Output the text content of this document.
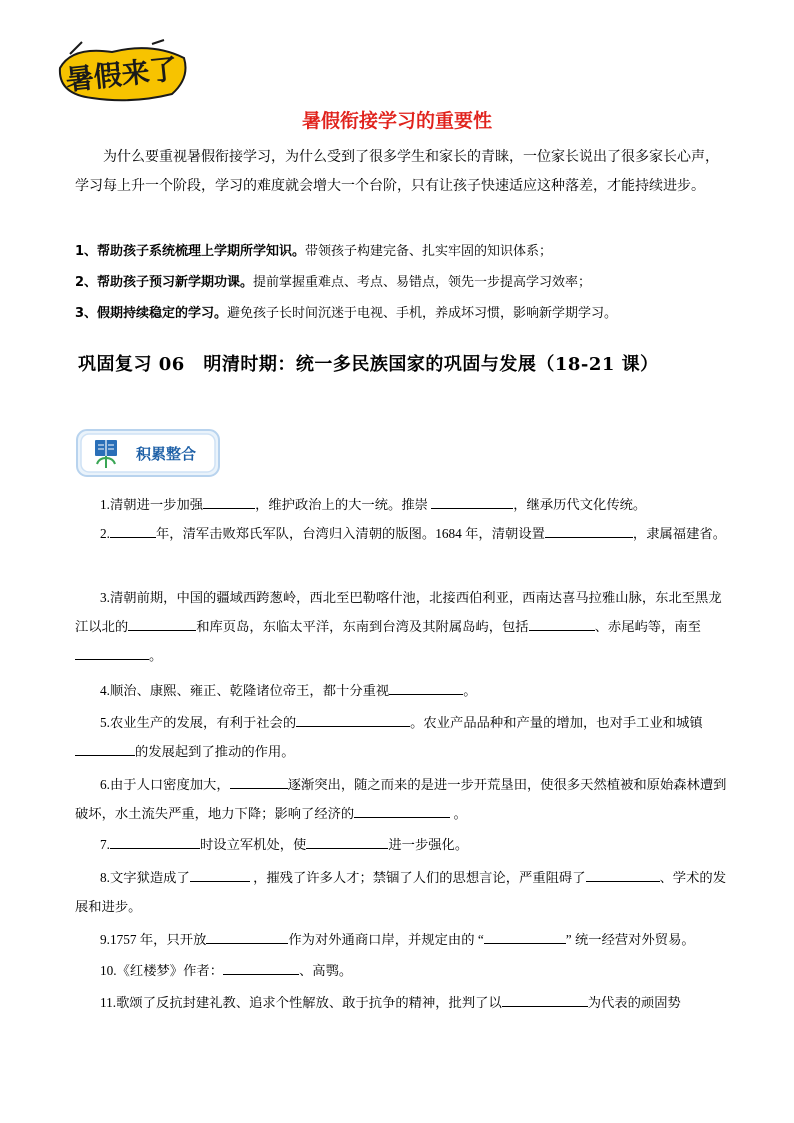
暑假来了
暑假衔接学习的重要性

为什么要重视暑假衔接学习，为什么受到了很多学生和家长的青睐，一位家长说出了很多家长心声，学习每上升一个阶段，学习的难度就会增大一个台阶，只有让孩子快速适应这种落差，才能持续进步。

1、帮助孩子系统梳理上学期所学知识。带领孩子构建完备、扎实牢固的知识体系；
2、帮助孩子预习新学期功课。提前掌握重难点、考点、易错点，领先一步提高学习效率；
3、假期持续稳定的学习。避免孩子长时间沉迷于电视、手机，养成坏习惯，影响新学期学习。
巩固复习 06　明清时期：统一多民族国家的巩固与发展（18-21 课）
积累整合

1.清朝进一步加强	，维护政治上的大一统。推崇	，继承历代文化传统。

2.	年，清军击败郑氏军队，台湾归入清朝的版图。1684 年，清朝设置	，隶属福建省。

3.清朝前期，中国的疆域西跨葱岭，西北至巴勒喀什池，北接西伯利亚，西南达喜马拉雅山脉，东北至黑龙江以北的	和库页岛，东临太平洋，东南到台湾及其附属岛屿，包括	、赤尾屿等，南至。

4.顺治、康熙、雍正、乾隆诸位帝王，都十分重视	。

5.农业生产的发展，有利于社会的	。农业产品品种和产量的增加，也对手工业和城镇的发展起到了推动的作用。

6.由于人口密度加大，	逐渐突出，随之而来的是进一步开荒垦田，使很多天然植被和原始森林遭到破坏，水土流失严重，地力下降；影响了经济的	。

7.	时设立军机处，使	进一步强化。

8.文字狱造成了	，摧残了许多人才；禁锢了人们的思想言论，严重阻碍了	、学术的发展和进步。

9.1757 年，只开放	作为对外通商口岸，并规定由的 “	” 统一经营对外贸易。

10.《红楼梦》作者：	、高鹗。

11.歌颂了反抗封建礼教、追求个性解放、敢于抗争的精神，批判了以	为代表的顽固势
